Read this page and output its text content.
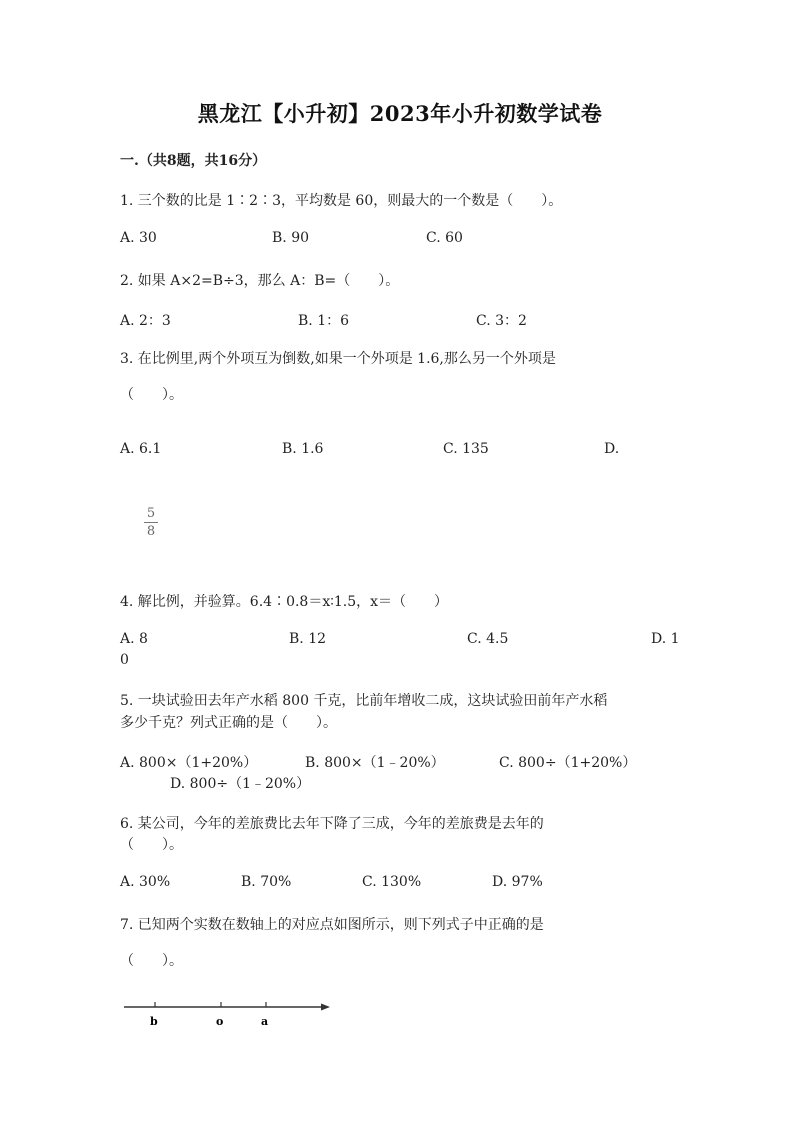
黑龙江【小升初】2023年小升初数学试卷
一.（共8题，共16分）
1. 三个数的比是 1∶2∶3，平均数是 60，则最大的一个数是（　　）。
A. 30	B. 90	C. 60
2. 如果 A×2=B÷3，那么 A：B=（　　）。
A. 2：3	B. 1：6	C. 3：2
3. 在比例里,两个外项互为倒数,如果一个外项是 1.6,那么另一个外项是
（　　）。
A. 6.1	B. 1.6	C. 135	D.
5
8
4. 解比例，并验算。6.4∶0.8＝x∶1.5，x＝（　　）
A. 8	B. 12	C. 4.5	D. 1
0
5. 一块试验田去年产水稻 800 千克，比前年增收二成，这块试验田前年产水稻
多少千克？列式正确的是（　　）。
A. 800×（1+20%）	B. 800×（1﹣20%）	C. 800÷（1+20%）
D. 800÷（1﹣20%）
6. 某公司，今年的差旅费比去年下降了三成，今年的差旅费是去年的
（　　）。
A. 30%	B. 70%	C. 130%	D. 97%
7. 已知两个实数在数轴上的对应点如图所示，则下列式子中正确的是
（　　）。
b	o	a
